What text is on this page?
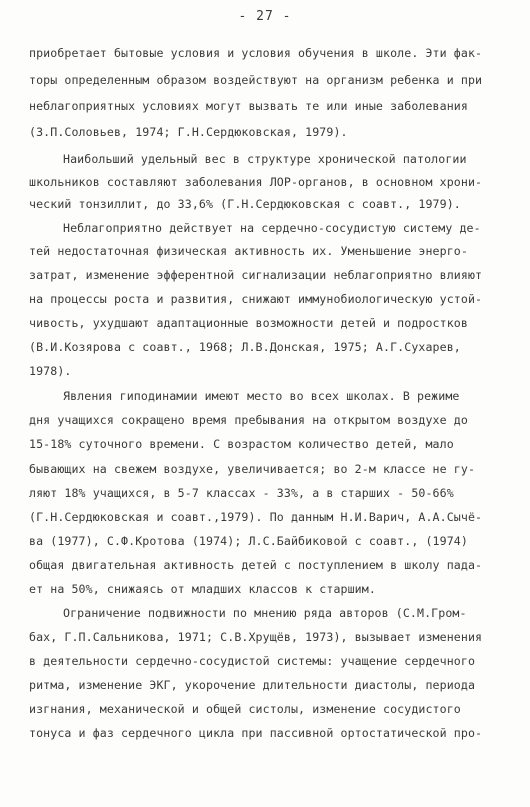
- 27 -
приобретает бытовые условия и условия обучения в школе. Эти фак-
торы определенным образом воздействуют на организм ребенка и при
неблагоприятных условиях могут вызвать те или иные заболевания
(З.П.Соловьев, 1974; Г.Н.Сердюковская, 1979).
Наибольший удельный вес в структуре хронической патологии
школьников составляют заболевания ЛОР-органов, в основном хрони-
ческий тонзиллит, до 33,6% (Г.Н.Сердюковская с соавт., 1979).
Неблагоприятно действует на сердечно-сосудистую систему де-
тей недостаточная физическая активность их. Уменьшение энерго-
затрат, изменение эфферентной сигнализации неблагоприятно влияют
на процессы роста и развития, снижают иммунобиологическую устой-
чивость, ухудшают адаптационные возможности детей и подростков
(В.И.Козярова с соавт., 1968; Л.В.Донская, 1975; А.Г.Сухарев,
1978).
Явления гиподинамии имеют место во всех школах. В режиме
дня учащихся сокращено время пребывания на открытом воздухе до
15-18% суточного времени. С возрастом количество детей, мало
бывающих на свежем воздухе, увеличивается; во 2-м классе не гу-
ляют 18% учащихся, в 5-7 классах - 33%, а в старших - 50-66%
(Г.Н.Сердюковская и соавт.,1979). По данным Н.И.Варич, А.А.Сычё-
ва (1977), С.Ф.Кротова (1974); Л.С.Байбиковой с соавт., (1974)
общая двигательная активность детей с поступлением в школу пада-
ет на 50%, снижаясь от младших классов к старшим.
Ограничение подвижности по мнению ряда авторов (С.М.Гром-
бах, Г.П.Сальникова, 1971; С.В.Хрущёв, 1973), вызывает изменения
в деятельности сердечно-сосудистой системы: учащение сердечного
ритма, изменение ЭКГ, укорочение длительности диастолы, периода
изгнания, механической и общей систолы, изменение сосудистого
тонуса и фаз сердечного цикла при пассивной ортостатической про-
